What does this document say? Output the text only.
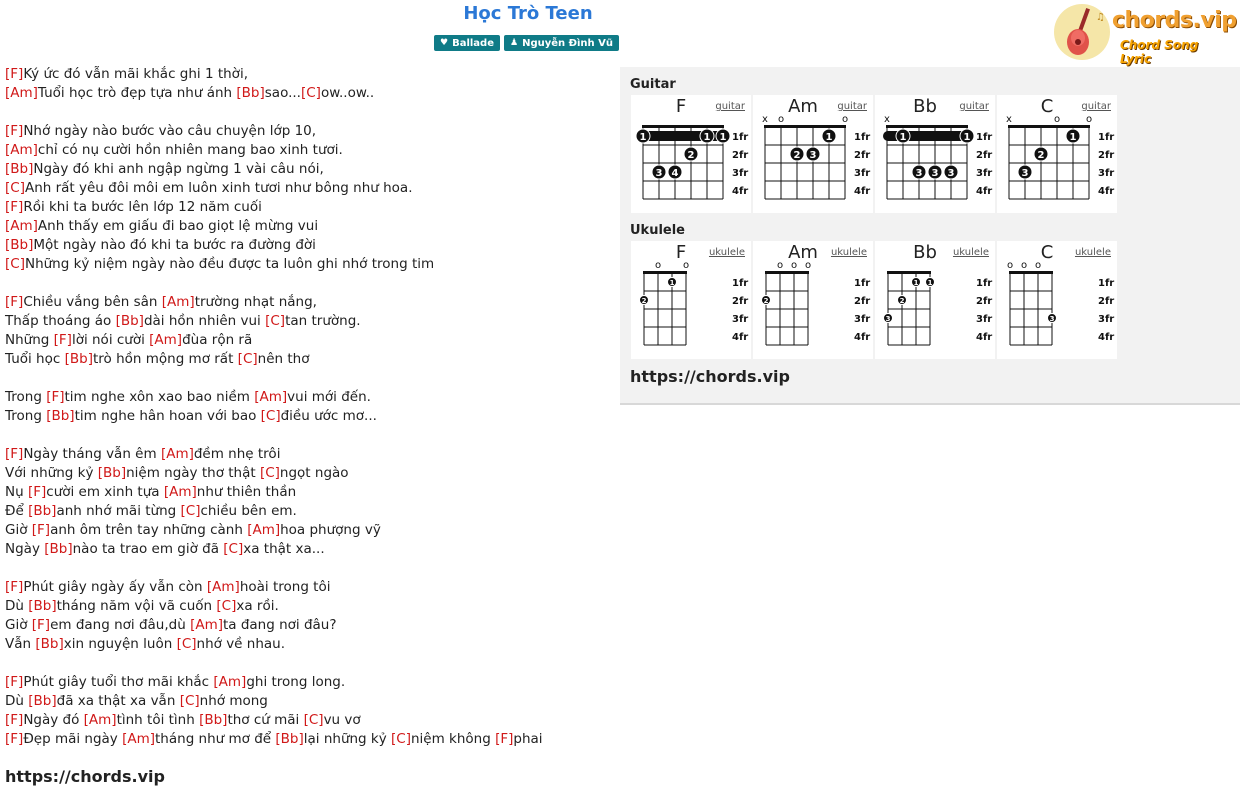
Học Trò Teen
♥ Ballade ♟ Nguyễn Đình Vũ
♫ chords.vip
Chord Song Lyric
[F]Ký ức đó vẫn mãi khắc ghi 1 thời,
[Am]Tuổi học trò đẹp tựa như ánh [Bb]sao...[C]ow..ow..
[F]Nhớ ngày nào bước vào câu chuyện lớp 10,
[Am]chỉ có nụ cười hồn nhiên mang bao xinh tươi.
[Bb]Ngày đó khi anh ngập ngừng 1 vài câu nói,
[C]Anh rất yêu đôi môi em luôn xinh tươi như bông như hoa.
[F]Rồi khi ta bước lên lớp 12 năm cuối
[Am]Anh thấy em giấu đi bao giọt lệ mừng vui
[Bb]Một ngày nào đó khi ta bước ra đường đời
[C]Những kỷ niệm ngày nào đều được ta luôn ghi nhớ trong tim
[F]Chiều vắng bên sân [Am]trường nhạt nắng,
Thấp thoáng áo [Bb]dài hồn nhiên vui [C]tan trường.
Những [F]lời nói cười [Am]đùa rộn rã
Tuổi học [Bb]trò hồn mộng mơ rất [C]nên thơ
Trong [F]tim nghe xôn xao bao niềm [Am]vui mới đến.
Trong [Bb]tim nghe hân hoan với bao [C]điều ước mơ...
[F]Ngày tháng vẫn êm [Am]đềm nhẹ trôi
Với những kỷ [Bb]niệm ngày thơ thật [C]ngọt ngào
Nụ [F]cười em xinh tựa [Am]như thiên thần
Để [Bb]anh nhớ mãi từng [C]chiều bên em.
Giờ [F]anh ôm trên tay những cành [Am]hoa phượng vỹ
Ngày [Bb]nào ta trao em giờ đã [C]xa thật xa...
[F]Phút giây ngày ấy vẫn còn [Am]hoài trong tôi
Dù [Bb]tháng năm vội vã cuốn [C]xa rồi.
Giờ [F]em đang nơi đâu,dù [Am]ta đang nơi đâu?
Vẫn [Bb]xin nguyện luôn [C]nhớ về nhau.
[F]Phút giây tuổi thơ mãi khắc [Am]ghi trong long.
Dù [Bb]đã xa thật xa vẫn [C]nhớ mong
[F]Ngày đó [Am]tình tôi tình [Bb]thơ cứ mãi [C]vu vơ
[F]Đẹp mãi ngày [Am]tháng như mơ để [Bb]lại những kỷ [C]niệm không [F]phai
https://chords.vip
Guitar
1	1 1
3 4
2
1fr
2fr
3fr
4fr
F	guitar
x o	o
1
2 3
1fr
2fr
3fr
4fr
Am	guitar
x
1	1
3 3 3
1fr
2fr
3fr
4fr
Bb	guitar
x	o	o
1
2
3
1fr
2fr
3fr
4fr
C	guitar
Ukulele
o o
1
2
1fr
2fr
3fr
4fr
F	ukulele
o o o
2
1fr
2fr
3fr
4fr
Am	ukulele
1 1
2
3
1fr
2fr
3fr
4fr
Bb	ukulele
o o o
3
1fr
2fr
3fr
4fr
C	ukulele
https://chords.vip
